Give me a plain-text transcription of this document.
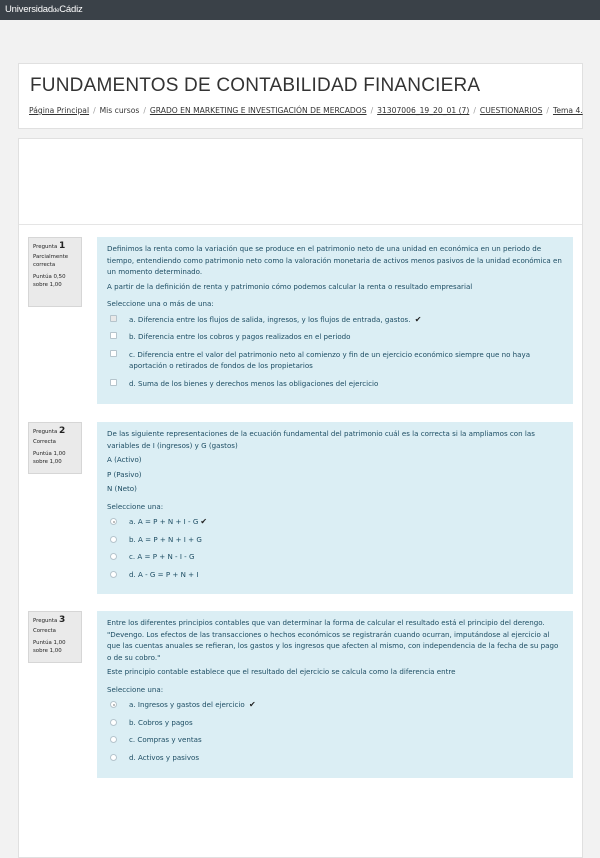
UniversidaddeCádiz
FUNDAMENTOS DE CONTABILIDAD FINANCIERA
Página Principal / Mis cursos / GRADO EN MARKETING E INVESTIGACIÓN DE MERCADOS / 31307006_19_20_01 (7) / CUESTIONARIOS / Tema 4.
Pregunta 1
Parcialmente correcta
Puntúa 0,50 sobre 1,00

Definimos la renta como la variación que se produce en el patrimonio neto de una unidad en económica en un periodo de tiempo, entendiendo como patrimonio neto como la valoración monetaria de activos menos pasivos de la unidad económica en un momento determinado.

A partir de la definición de renta y patrimonio cómo podemos calcular la renta o resultado empresarial

Seleccione una o más de una:
a. Diferencia entre los flujos de salida, ingresos, y los flujos de entrada, gastos. ✔
b. Diferencia entre los cobros y pagos realizados en el periodo
c. Diferencia entre el valor del patrimonio neto al comienzo y fin de un ejercicio económico siempre que no haya aportación o retirados de fondos de los propietarios
d. Suma de los bienes y derechos menos las obligaciones del ejercicio
Pregunta 2
Correcta
Puntúa 1,00 sobre 1,00

De las siguiente representaciones de la ecuación fundamental del patrimonio cuál es la correcta si la ampliamos con las variables de I (ingresos) y G (gastos)

A (Activo)

P (Pasivo)

N (Neto)

Seleccione una:
a. A = P + N + I - G ✔
b. A = P + N + I + G
c. A = P + N - I - G
d. A - G = P + N + I
Pregunta 3
Correcta
Puntúa 1,00 sobre 1,00

Entre los diferentes principios contables que van determinar la forma de calcular el resultado está el principio del derengo. "Devengo. Los efectos de las transacciones o hechos económicos se registrarán cuando ocurran, imputándose al ejercicio al que las cuentas anuales se refieran, los gastos y los ingresos que afecten al mismo, con independencia de la fecha de su pago o de su cobro."

Este principio contable establece que el resultado del ejercicio se calcula como la diferencia entre

Seleccione una:
a. Ingresos y gastos del ejercicio ✔
b. Cobros y pagos
c. Compras y ventas
d. Activos y pasivos
